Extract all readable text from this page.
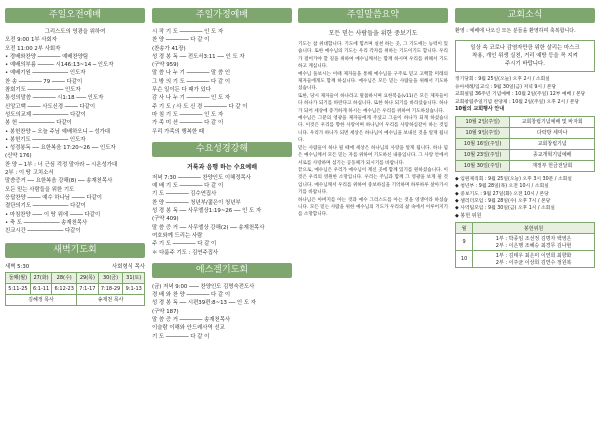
주일오전예배
그리스도의 영광을 위하여
오전 9:00 1부 사회자
오전 11:00 2부 사회자
• 경배와찬양 ─────── 예배찬양팀
• 예배의부름 ───── 시146:13~14 ─ 인도자
• 예배기원 ─────────── 인도자
찬 송 ─────── 79 ──── 다같이
참회기도 ─────────── 인도자
통성의말씀 ─────── 시1:18 ─── 인도자
신앙고백 ──── 사도신경 ──── 다같이
성도의교제 ─────────── 다같이
봉 헌 ─────────── 다같이
• 봉헌찬양 ─ 오늘 주님 예배하오니 ─ 성가대
• 봉헌기도 ─────────── 인도자
• 성경봉독 ── 요한복음 17:20~26 ── 인도자
(신약 176)
찬 양 ─ 1부 : 너 근심 걱정 말아라 ─ 시온성가대
2부 : 이 땅 고치소서
말씀증거 ── 요한복음 강해(8) ── 송재천목사
모든 믿는 사람들을 위한 기도
응답찬양 ──── 예수 하나님 ──── 다같이
결단의기도 ─────────── 다같이
• 마침찬양 ─── 이 땅 위에 ──── 다같이
• 축 도 ─────────── 송재천목사
친교시간 ─────────── 다같이
새벽기도회
새벽 5:30	사회형식 목사
둘째(월)	27(화)	28(수)	29(목)	30(금)	31(토)
5:11-25	6:1-11	6:12-23	7:1-17	7:18-29	9:1-13
김혜정 목사			송재천 목사		
주일가정예배
시 작 기 도 ─────── 인 도 자
찬 양 ─────── 다 같 이
(찬송가 41장)
성 경 봉 독 ── 전도서3:11 ── 인 도 자
(구약 959)
말 씀 나 누 기 ─────── 말 씀 인
그 밖 의 기 도 ─────── 다 같 이
무슨 일이든 다 때가 있다
감 사 나 누 기 ─────── 인 도 자
주 기 도 / 사 도 신 경 ─────── 다 같 이
마 침 기 도 ─────── 인 도 자
가 족 미 션 ─────── 다 같 이
우리 가족의 행복한 때
수요성경강해
거룩과 음행 하는 수요예배
저녁 7:30 ─────── 찬양인도 이혜정목사
예 배 기 도 ─────── 다 같 이
기 도 ─────── 김수연집사
찬 양 ─────── 청년부/젊은이 청년부
성 경 봉 독 ── 사무엘상1:19~26 ── 인 도 자
(구약 409)
말 씀 증 거 ── 사무엘상 강해(2) ── 송재천목사
여호와께 드리는 사람
주 기 도 ─────── 다 같 이
＊ 다룸주 기도 : 김연주집사
에스겔기도회
(금) 저녁 9:00 ─── 찬양인도 김명숙전도사
경 배 와 찬 양 ─────── 다 같 이
성 경 봉 독 ── 시편39편:8~13 ── 인 도 자
(구약 187)
말 씀 증 거 ─────── 송재천목사
이슬람 이해와 안드레사역 선교
기 도 ─────── 다 같 이
주일말씀요약
모든 믿는 사람들을 위한 중보기도

기도는 참 위대합니다. 기도에 힘쓰며 실천 하는 곳, 그 기도에는 능력이 있습니다. 또한 예수님의 기도는 우리 각자를 위하는 기도이기도 합니다. 우리가 걸어가야 할 길을 위하여 예수님께서는 함께 하시며 우리를 위해서 기도하고 계십니다.

예수님 돌보시는 이때 제자들을 통해 예수님을 구주로 믿고 고백할 미래의 제자들에게도 함께 하십니다. 예수님은 모든 믿는 사람들을 위해서 기도하셨습니다.

또한, 당시 제자들이 하나라고 말씀하시며 요한복음(v11)은 모든 제자들이 다 하나가 되기를 바란다고 하십니다. 또한 하나 되기를 바라셨습니다. 하나가 되어 세상에 증거하게 하시는 예수님은 우리를 위하여 기도하셨습니다.

예수님은 그분의 영광을 제자들에게 주셨고 그들이 하나가 되게 하셨습니다. 이것은 우리를 향한 사랑이며 하나님이 우리를 사랑하심같이 하는 것입니다. 우리가 하나가 되면 세상은 하나님이 예수님을 보내신 것을 알게 됩니다.

믿는 사람들이 하나 될 때에 세상은 하나님의 사랑을 알게 됩니다. 하나 됨은 예수님께서 모든 믿는 자를 위하여 기도하신 내용입니다. 그 사랑 안에서 서로를 사랑하며 섬기는 공동체가 되시기를 바랍니다.

끝으로, 예수님은 우리가 예수님이 계신 곳에 함께 있기를 원하셨습니다. 이것은 우리의 영원한 소망입니다. 우리는 주님과 함께 그 영광을 보게 될 것입니다. 예수님께서 우리를 위하여 중보하심을 기억하며 하루하루 살아가시기를 바랍니다.

하나님은 아버지를 아는 것과 예수 그리스도를 아는 것을 영생이라 하셨습니다. 모든 믿는 사람을 위한 예수님의 기도가 우리의 삶 속에서 이루어지기를 소망합니다.

교회소식

환영 : 예배에 나오신 모든 분들을 환영하며 축복합니다.

일상 속 코로나 감염자만큼 위한 살리는 마스크
착용, 개인 위생 실천, 거리 예방 등을 꼭 지켜
주시기 바랍니다.
정기당회 : 9월 25일(오늘) 오후 2시 / 소회실
유아세례/입교식 : 9월 30일(금) 저녁 9시 / 본당
교회설립 36주년 기념예배 : 10월 2일(주일) 12부 예배 / 본당
교회창립주일기념 찬양제 : 10월 2일(주일) 오후 2시 / 본당

10월의 교회행사 안내

10월 2일(주일)	교회창립기념예배 및 바자회
10월 9일(주일)	다락방 세미나
10월 16일(주일)	교회창립기념
10월 23일(주일)	종교개혁기념예배
10월 30일(주일)	재정부 헌금전달회
◆ 임원제직회 : 9월 25일(오늘) 오후 3시 30분 / 소회실
◆ 청년부 : 9월 28일(목) 오전 10시 / 소회실
◆ 중보기도 : 9월 27일(화) 오전 10시 / 본당
◆ 셀리더모임 : 9월 28일(수) 오후 7시 / 본당
◆ 사역팀모임 : 9월 30일(금) 오후 1시 / 소회실

◆ 봉헌 위원

월	봉헌위원
9	1부 : 박종임 조선정 김명자 백영은
2부 : 이은행 조혜승 최경무 김나현
10	1부 : 김태우 최은미 이연희 최향화
2부 : 이주균 이상희 김연수 정원복
